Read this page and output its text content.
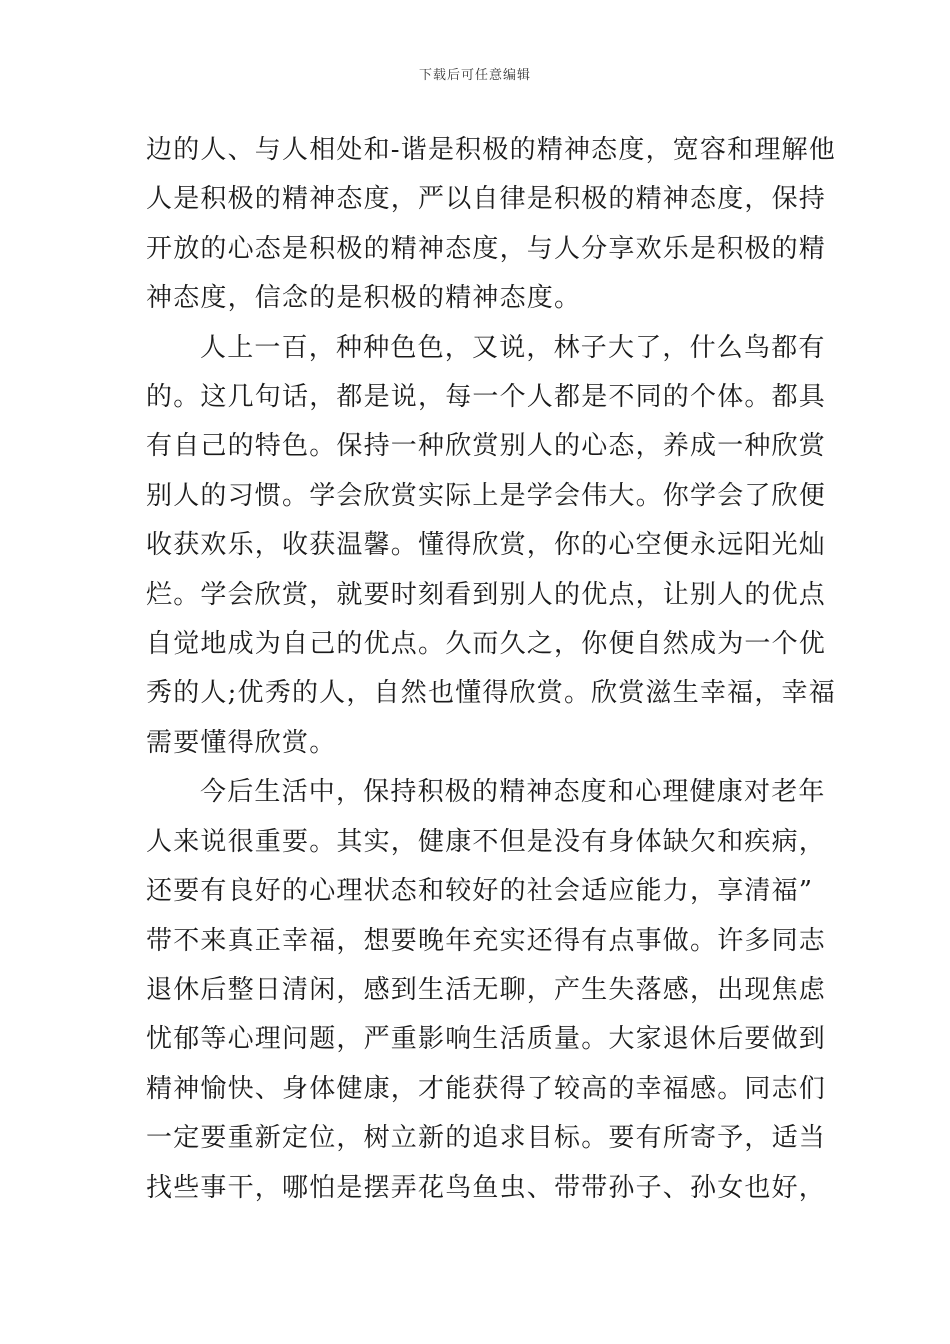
下载后可任意编辑

边的人、与人相处和-谐是积极的精神态度，宽容和理解他
人是积极的精神态度，严以自律是积极的精神态度，保持
开放的心态是积极的精神态度，与人分享欢乐是积极的精
神态度，信念的是积极的精神态度。

人上一百，种种色色，又说，林子大了，什么鸟都有
的。这几句话，都是说，每一个人都是不同的个体。都具
有自己的特色。保持一种欣赏别人的心态，养成一种欣赏
别人的习惯。学会欣赏实际上是学会伟大。你学会了欣便
收获欢乐，收获温馨。懂得欣赏，你的心空便永远阳光灿
烂。学会欣赏，就要时刻看到别人的优点，让别人的优点
自觉地成为自己的优点。久而久之，你便自然成为一个优
秀的人;优秀的人，自然也懂得欣赏。欣赏滋生幸福，幸福
需要懂得欣赏。

今后生活中，保持积极的精神态度和心理健康对老年
人来说很重要。其实，健康不但是没有身体缺欠和疾病，
还要有良好的心理状态和较好的社会适应能力，享清福”
带不来真正幸福，想要晚年充实还得有点事做。许多同志
退休后整日清闲，感到生活无聊，产生失落感，出现焦虑
忧郁等心理问题，严重影响生活质量。大家退休后要做到
精神愉快、身体健康，才能获得了较高的幸福感。同志们
一定要重新定位，树立新的追求目标。要有所寄予，适当
找些事干，哪怕是摆弄花鸟鱼虫、带带孙子、孙女也好，
